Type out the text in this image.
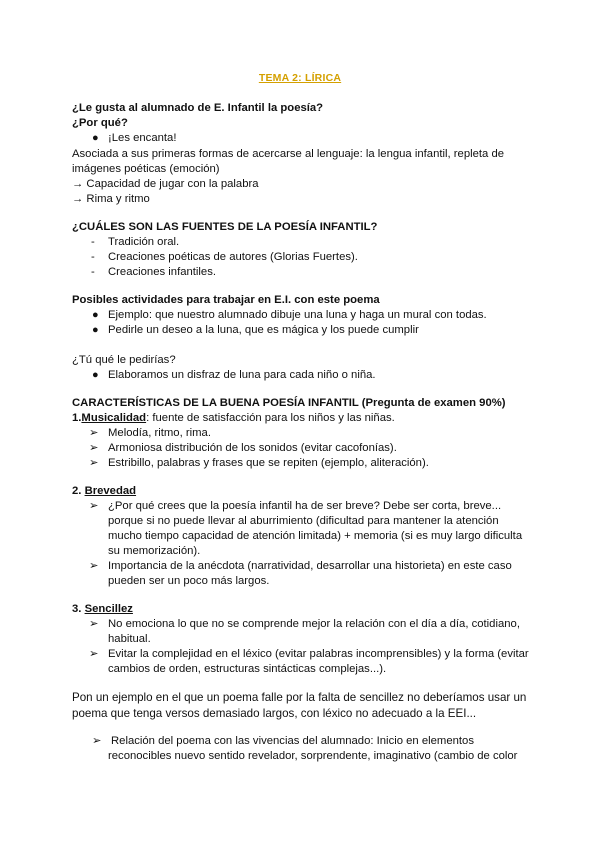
TEMA 2: LÍRICA
¿Le gusta al alumnado de E. Infantil la poesía?
¿Por qué?
● ¡Les encanta!
Asociada a sus primeras formas de acercarse al lenguaje: la lengua infantil, repleta de
imágenes poéticas (emoción)
→ Capacidad de jugar con la palabra
→ Rima y ritmo
¿CUÁLES SON LAS FUENTES DE LA POESÍA INFANTIL?
- Tradición oral.
- Creaciones poéticas de autores (Glorias Fuertes).
- Creaciones infantiles.
Posibles actividades para trabajar en E.I. con este poema
● Ejemplo: que nuestro alumnado dibuje una luna y haga un mural con todas.
● Pedirle un deseo a la luna, que es mágica y los puede cumplir
¿Tú qué le pedirías?
● Elaboramos un disfraz de luna para cada niño o niña.
CARACTERÍSTICAS DE LA BUENA POESÍA INFANTIL (Pregunta de examen 90%)
1.Musicalidad: fuente de satisfacción para los niños y las niñas.
➢ Melodía, ritmo, rima.
➢ Armoniosa distribución de los sonidos (evitar cacofonías).
➢ Estribillo, palabras y frases que se repiten (ejemplo, aliteración).
2. Brevedad
➢ ¿Por qué crees que la poesía infantil ha de ser breve? Debe ser corta, breve...
porque si no puede llevar al aburrimiento (dificultad para mantener la atención
mucho tiempo capacidad de atención limitada) + memoria (si es muy largo dificulta
su memorización).
➢ Importancia de la anécdota (narratividad, desarrollar una historieta) en este caso
pueden ser un poco más largos.
3. Sencillez
➢ No emociona lo que no se comprende mejor la relación con el día a día, cotidiano,
habitual.
➢ Evitar la complejidad en el léxico (evitar palabras incomprensibles) y la forma (evitar
cambios de orden, estructuras sintácticas complejas...).
Pon un ejemplo en el que un poema falle por la falta de sencillez no deberíamos usar un
poema que tenga versos demasiado largos, con léxico no adecuado a la EEI...
➢ Relación del poema con las vivencias del alumnado: Inicio en elementos
reconocibles nuevo sentido revelador, sorprendente, imaginativo (cambio de color
